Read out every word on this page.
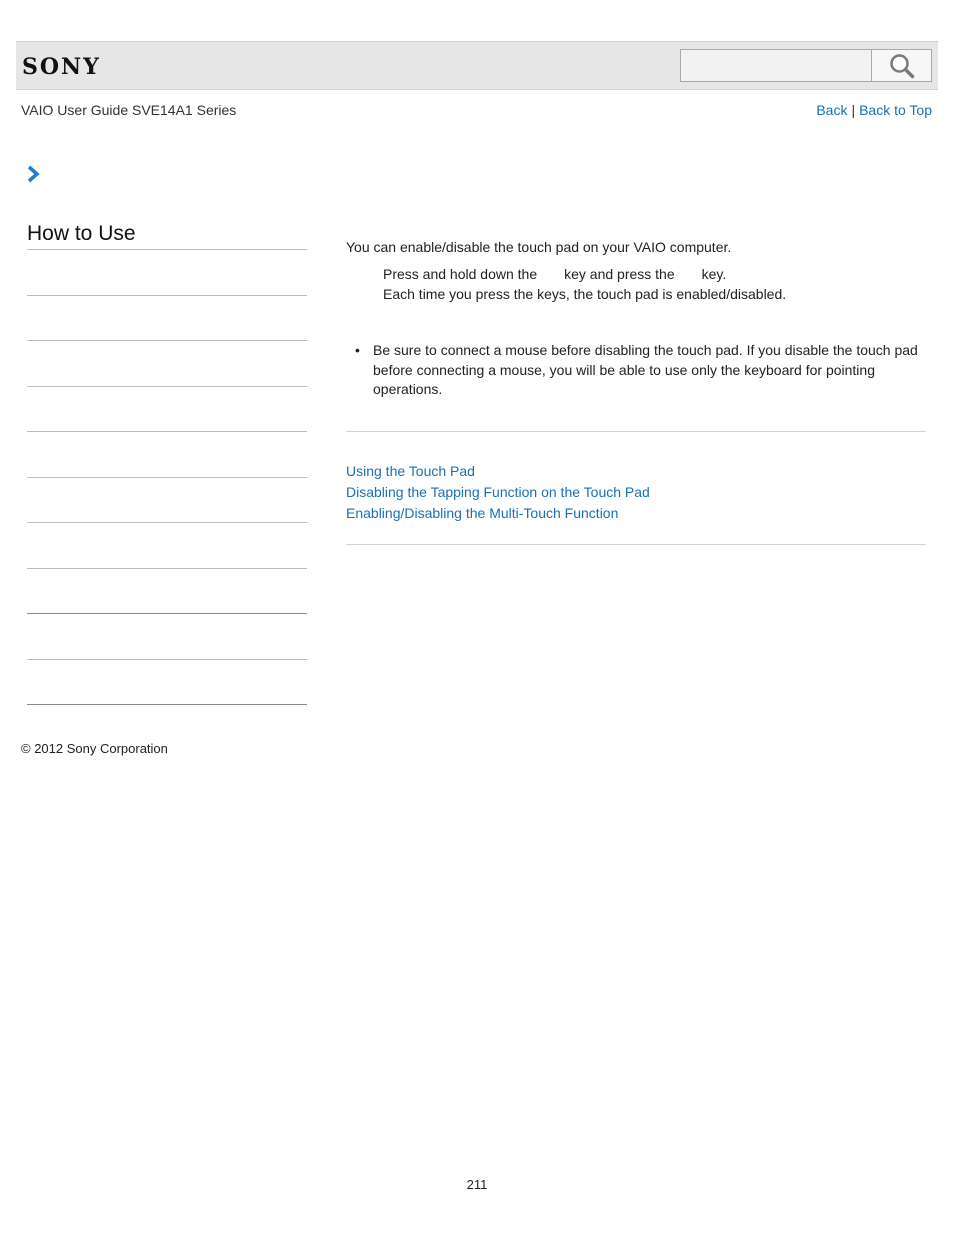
SONY
VAIO User Guide SVE14A1 Series	Back | Back to Top
How to Use

You can enable/disable the touch pad on your VAIO computer.

Press and hold down the key and press the key.

Each time you press the keys, the touch pad is enabled/disabled.

• Be sure to connect a mouse before disabling the touch pad. If you disable the touch pad before connecting a mouse, you will be able to use only the keyboard for pointing operations.
Using the Touch Pad
Disabling the Tapping Function on the Touch Pad
Enabling/Disabling the Multi-Touch Function
© 2012 Sony Corporation
211
